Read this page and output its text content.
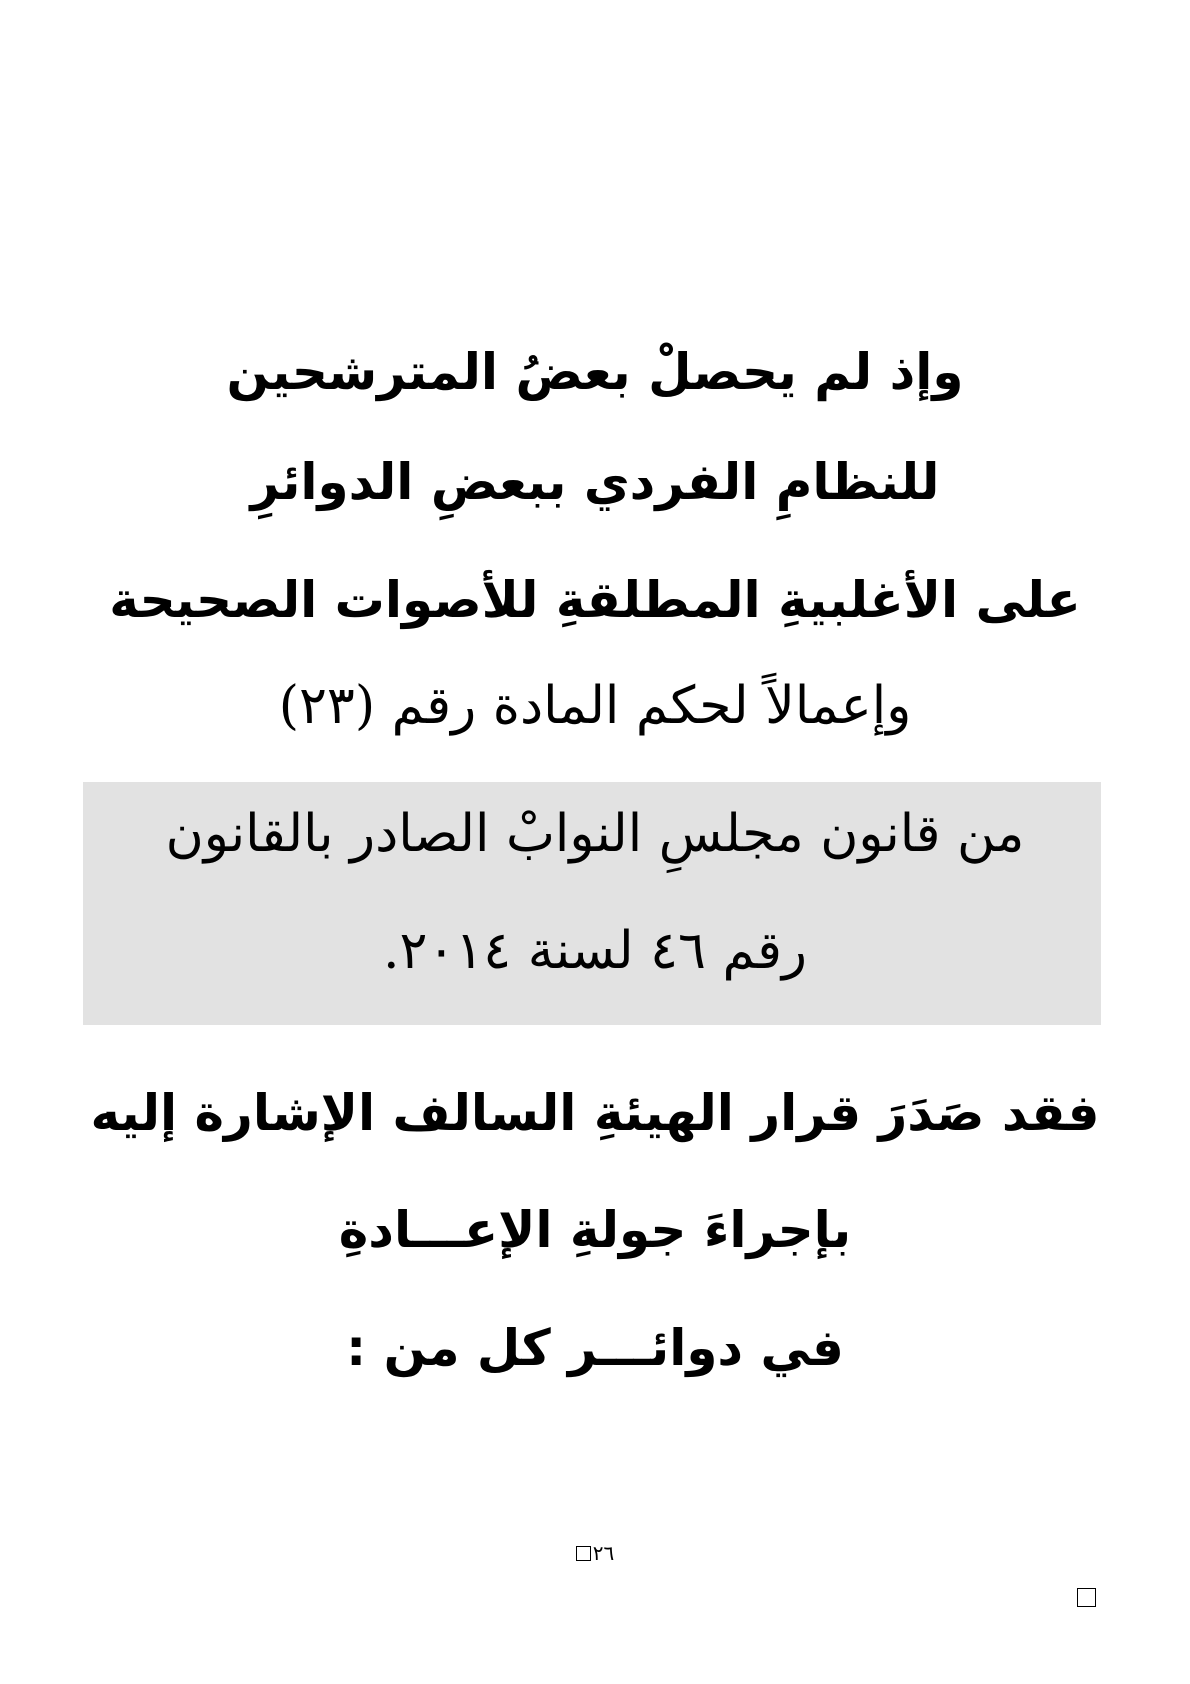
وإذ لم يحصلْ بعضُ المترشحين
للنظامِ الفردي ببعضِ الدوائرِ
على الأغلبيةِ المطلقةِ للأصوات الصحيحة
وإعمالاً لحكم المادة رقم (٢٣)
من قانون مجلسِ النوابْ الصادر بالقانون
رقم ٤٦ لسنة ٢٠١٤.
فقد صَدَرَ قرار الهيئةِ السالف الإشارة إليه
بإجراءَ جولةِ الإعـــادةِ
في دوائـــر كل من :
٢٦
